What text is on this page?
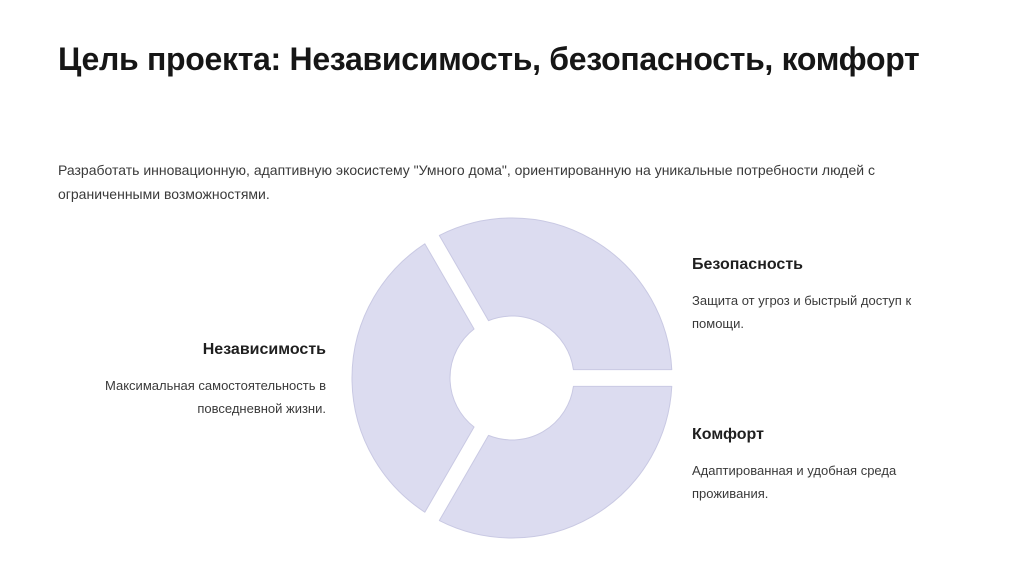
Цель проекта: Независимость, безопасность, комфорт

Разработать инновационную, адаптивную экосистему "Умного дома", ориентированную на уникальные потребности людей с ограниченными возможностями.

Независимость

Максимальная самостоятельность в повседневной жизни.

Безопасность

Защита от угроз и быстрый доступ к помощи.

Комфорт

Адаптированная и удобная среда проживания.
